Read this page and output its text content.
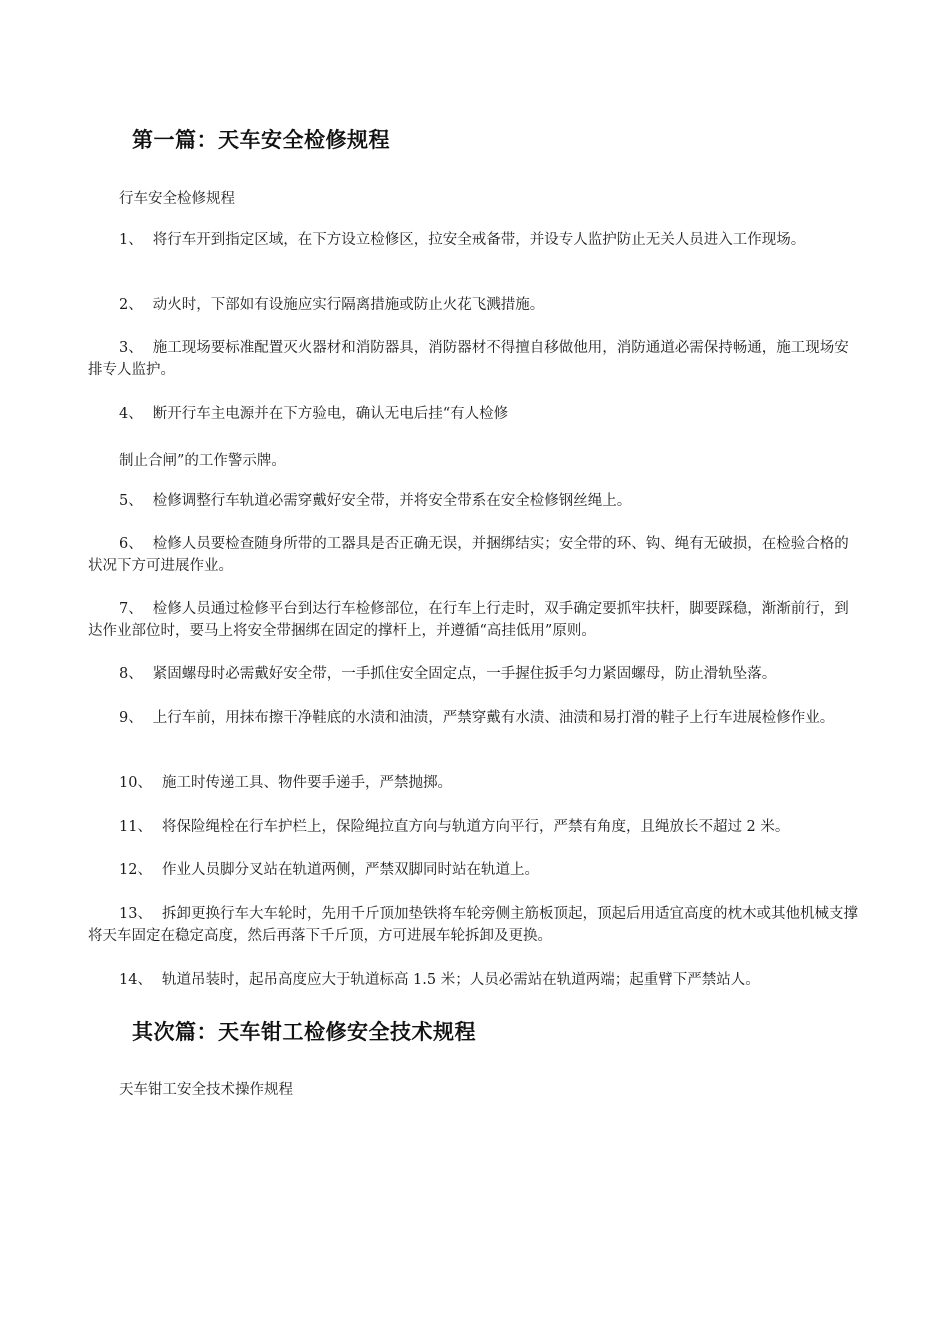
第一篇：天车安全检修规程
行车安全检修规程
1、 将行车开到指定区域，在下方设立检修区，拉安全戒备带，并设专人监护防止无关人员进入工作现场。
2、 动火时，下部如有设施应实行隔离措施或防止火花飞溅措施。
3、 施工现场要标准配置灭火器材和消防器具，消防器材不得擅自移做他用，消防通道必需保持畅通，施工现场安排专人监护。
4、 断开行车主电源并在下方验电，确认无电后挂“有人检修
制止合闸”的工作警示牌。
5、 检修调整行车轨道必需穿戴好安全带，并将安全带系在安全检修钢丝绳上。
6、 检修人员要检查随身所带的工器具是否正确无误，并捆绑结实；安全带的环、钩、绳有无破损，在检验合格的状况下方可进展作业。
7、 检修人员通过检修平台到达行车检修部位，在行车上行走时，双手确定要抓牢扶杆，脚要踩稳，渐渐前行，到达作业部位时，要马上将安全带捆绑在固定的撑杆上，并遵循“高挂低用”原则。
8、 紧固螺母时必需戴好安全带，一手抓住安全固定点，一手握住扳手匀力紧固螺母，防止滑轨坠落。
9、 上行车前，用抹布擦干净鞋底的水渍和油渍，严禁穿戴有水渍、油渍和易打滑的鞋子上行车进展检修作业。
10、 施工时传递工具、物件要手递手，严禁抛掷。
11、 将保险绳栓在行车护栏上，保险绳拉直方向与轨道方向平行，严禁有角度，且绳放长不超过 2 米。
12、 作业人员脚分叉站在轨道两侧，严禁双脚同时站在轨道上。
13、 拆卸更换行车大车轮时，先用千斤顶加垫铁将车轮旁侧主筋板顶起，顶起后用适宜高度的枕木或其他机械支撑将天车固定在稳定高度，然后再落下千斤顶，方可进展车轮拆卸及更换。
14、 轨道吊装时，起吊高度应大于轨道标高 1.5 米；人员必需站在轨道两端；起重臂下严禁站人。
其次篇：天车钳工检修安全技术规程
天车钳工安全技术操作规程
